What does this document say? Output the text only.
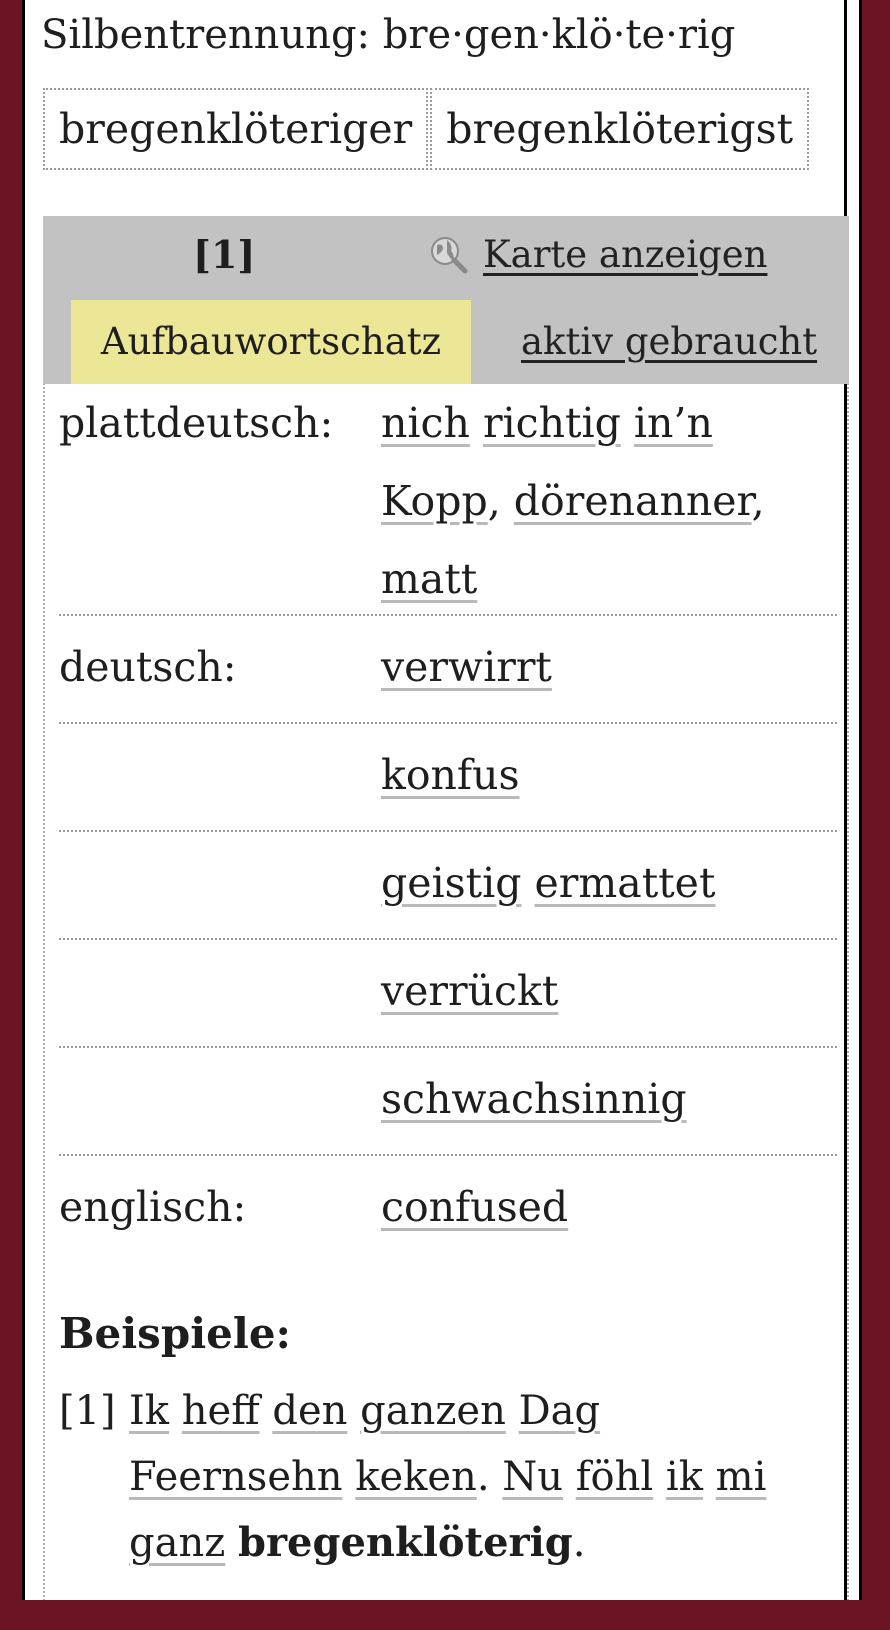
Silbentrennung: bre·gen·klö·te·rig
bregenklöteriger bregenklöterigst
[1]	Karte anzeigen
Aufbauwortschatz	aktiv gebraucht
plattdeutsch: nich richtig in’n
Kopp, dörenanner,
matt
deutsch:	verwirrt
konfus
geistig ermattet
verrückt
schwachsinnig
englisch:	confused
Beispiele:
[1] Ik heff den ganzen Dag Feernsehn keken. Nu föhl ik mi ganz bregenklöterig.
